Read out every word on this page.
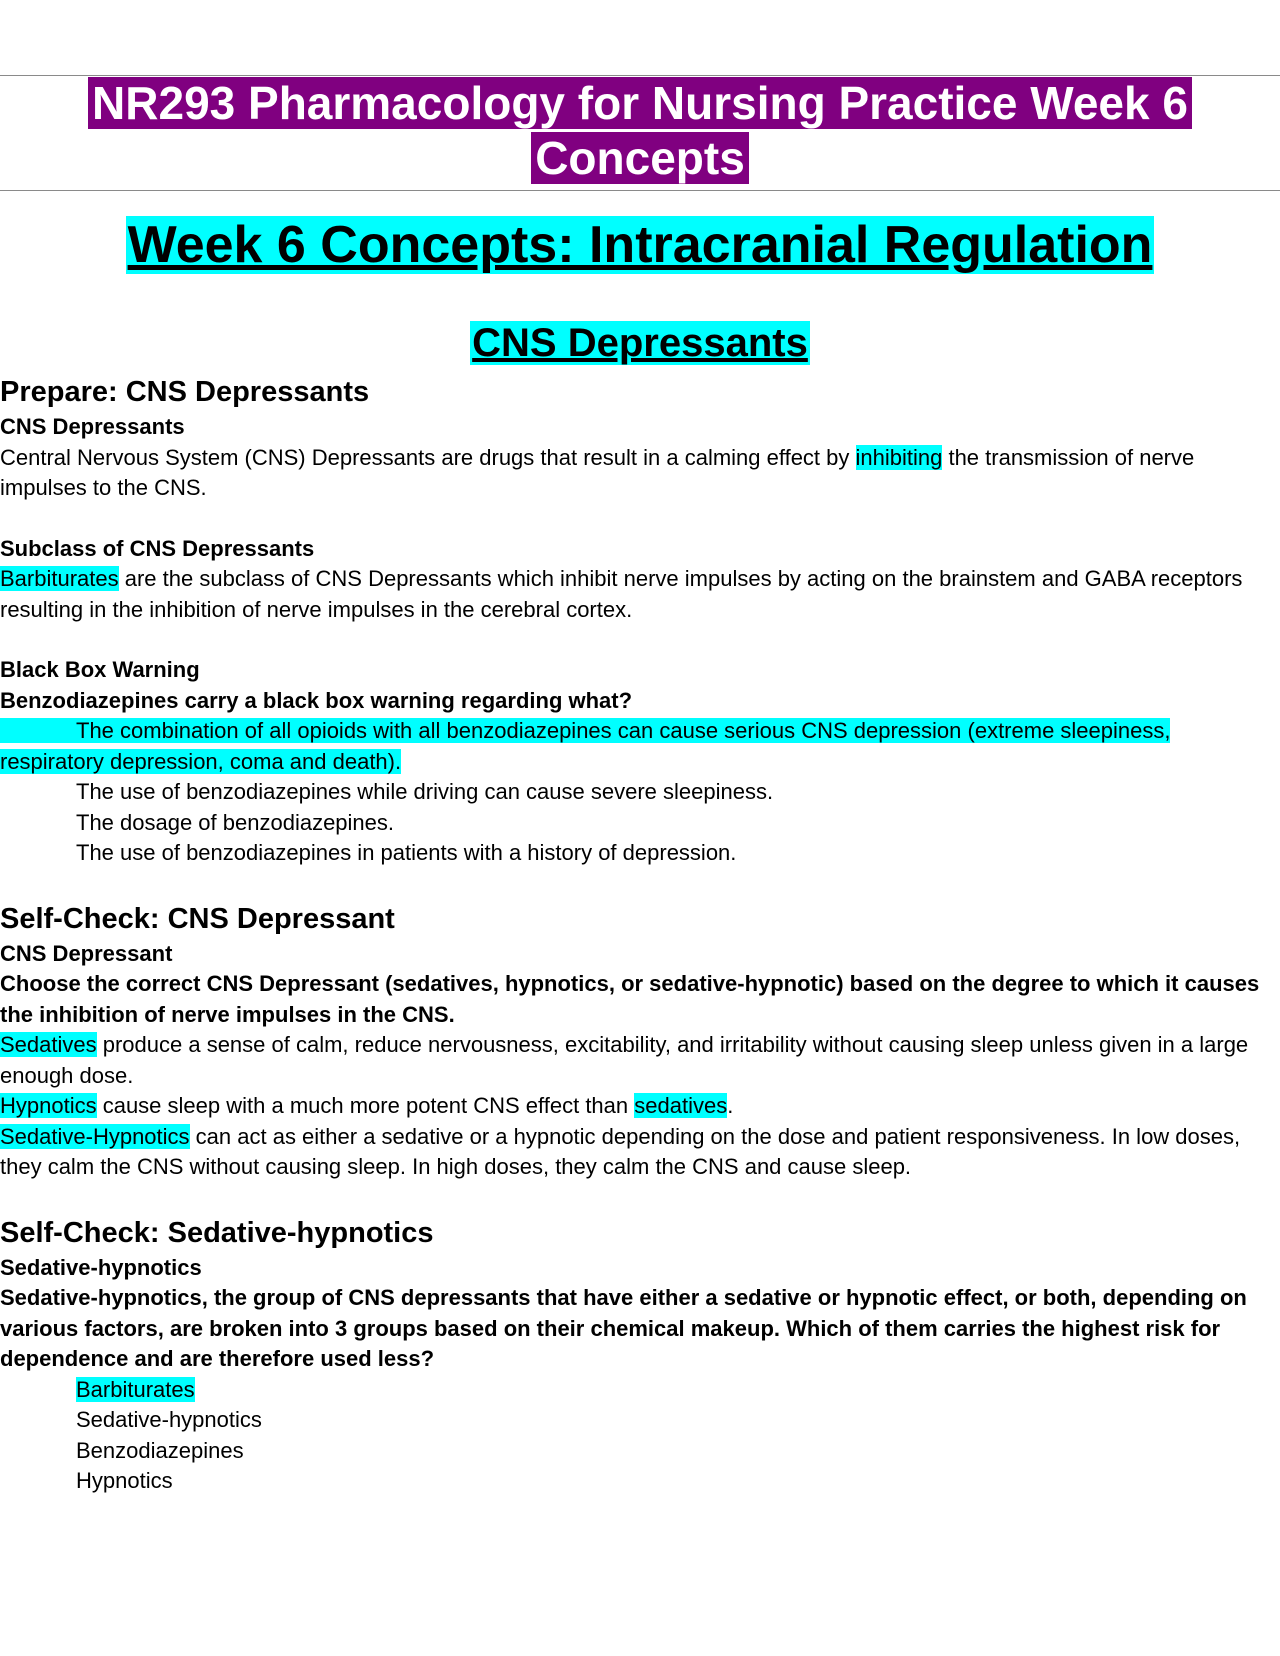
NR293 Pharmacology for Nursing Practice Week 6
Concepts
Week 6 Concepts: Intracranial Regulation
CNS Depressants

Prepare: CNS Depressants

CNS Depressants

Central Nervous System (CNS) Depressants are drugs that result in a calming effect by inhibiting the transmission of nerve impulses to the CNS.

Subclass of CNS Depressants

Barbiturates are the subclass of CNS Depressants which inhibit nerve impulses by acting on the brainstem and GABA receptors resulting in the inhibition of nerve impulses in the cerebral cortex.

Black Box Warning

Benzodiazepines carry a black box warning regarding what?

The combination of all opioids with all benzodiazepines can cause serious CNS depression (extreme sleepiness, respiratory depression, coma and death).

The use of benzodiazepines while driving can cause severe sleepiness.

The dosage of benzodiazepines.

The use of benzodiazepines in patients with a history of depression.

Self-Check: CNS Depressant

CNS Depressant

Choose the correct CNS Depressant (sedatives, hypnotics, or sedative-hypnotic) based on the degree to which it causes the inhibition of nerve impulses in the CNS.

Sedatives produce a sense of calm, reduce nervousness, excitability, and irritability without causing sleep unless given in a large enough dose.

Hypnotics cause sleep with a much more potent CNS effect than sedatives.

Sedative-Hypnotics can act as either a sedative or a hypnotic depending on the dose and patient responsiveness. In low doses, they calm the CNS without causing sleep. In high doses, they calm the CNS and cause sleep.

Self-Check: Sedative-hypnotics

Sedative-hypnotics

Sedative-hypnotics, the group of CNS depressants that have either a sedative or hypnotic effect, or both, depending on various factors, are broken into 3 groups based on their chemical makeup. Which of them carries the highest risk for dependence and are therefore used less?

Barbiturates

Sedative-hypnotics

Benzodiazepines

Hypnotics
